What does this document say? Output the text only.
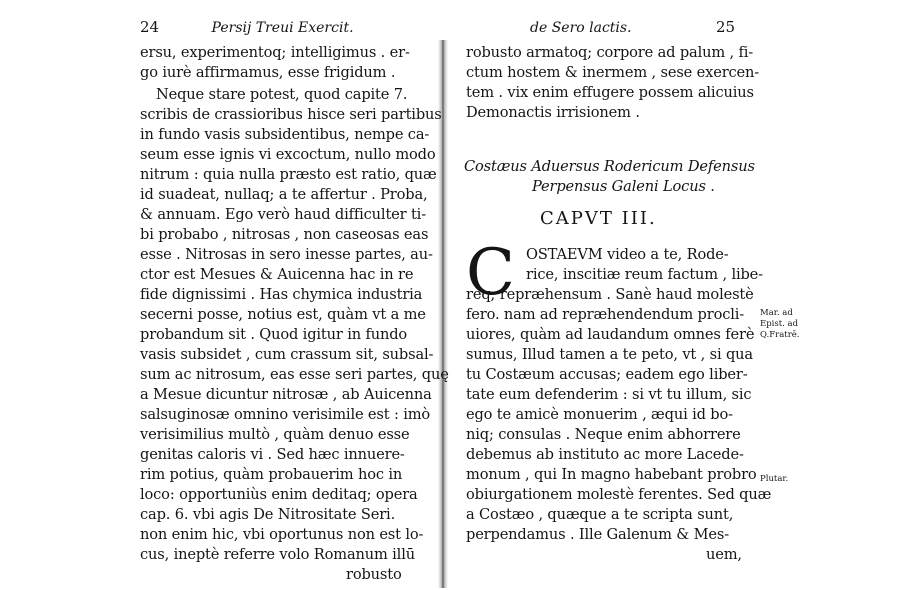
24	Persij Treui Exercit.
ersu, experimentoq; intelligimus . er-
go iurè affirmamus, esse frigidum .
Neque stare potest, quod capite 7.
scribis de crassioribus hisce seri partibus
in fundo vasis subsidentibus, nempe ca-
seum esse ignis vi excoctum, nullo modo
nitrum : quia nulla præsto est ratio, quæ
id suadeat, nullaq; a te affertur . Proba,
& annuam. Ego verò haud difficulter ti-
bi probabo , nitrosas , non caseosas eas
esse . Nitrosas in sero inesse partes, au-
ctor est Mesues & Auicenna hac in re
fide dignissimi . Has chymica industria
secerni posse, notius est, quàm vt a me
probandum sit . Quod igitur in fundo
vasis subsidet , cum crassum sit, subsal-
sum ac nitrosum, eas esse seri partes, quę
a Mesue dicuntur nitrosæ , ab Auicenna
salsuginosæ omnino verisimile est : imò
verisimilius multò , quàm denuo esse
genitas caloris vi . Sed hæc innuere-
rim potius, quàm probauerim hoc in
loco: opportuniùs enim deditaq; opera
cap. 6. vbi agis De Nitrositate Seri.
non enim hic, vbi oportunus non est lo-
cus, ineptè referre volo Romanum illū
robusto
de Sero lactis.	25
robusto armatoq; corpore ad palum , fi-
ctum hostem & inermem , sese exercen-
tem . vix enim effugere possem alicuius
Demonactis irrisionem .
Costæus Aduersus Rodericum Defensus
Perpensus Galeni Locus .
CAPVT III.
C OSTAEVM video a te, Rode-
rice, inscitiæ reum factum , libe-
rèq; repræhensum . Sanè haud molestè
fero. nam ad repræhendendum procli-
uiores, quàm ad laudandum omnes ferè
sumus, Illud tamen a te peto, vt , si qua
tu Costæum accusas; eadem ego liber-
tate eum defenderim : si vt tu illum, sic
ego te amicè monuerim , æqui id bo-
niq; consulas . Neque enim abhorrere
debemus ab instituto ac more Lacede-
monum , qui In magno habebant probro
obiurgationem molestè ferentes. Sed quæ
a Costæo , quæque a te scripta sunt,
perpendamus . Ille Galenum & Mes-
uem,
Mar. ad
Epist. ad
Q.Fratrē.
Plutar.
